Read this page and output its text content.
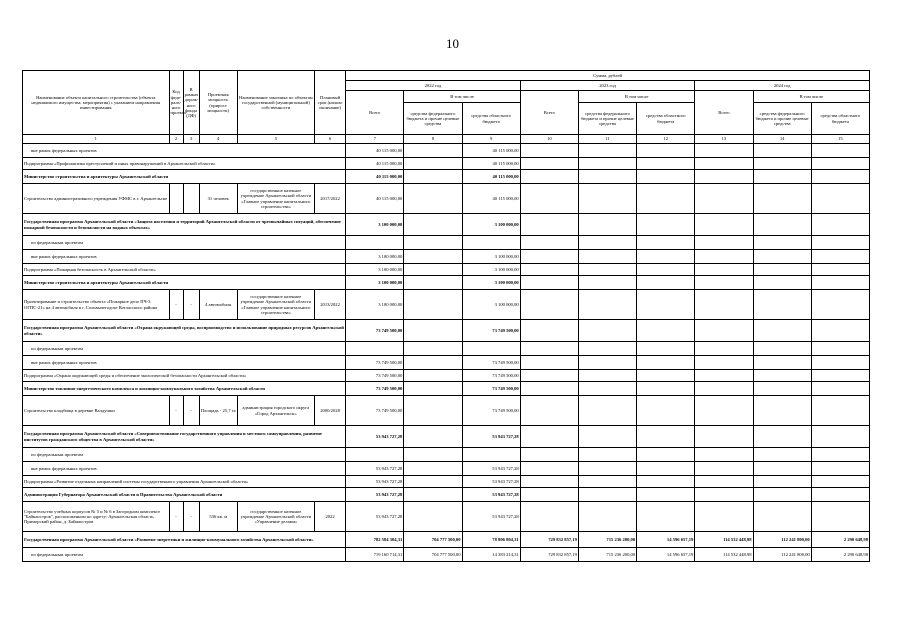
10
Наименование объекта капитального строительства (объекта недвижимого имущества, мероприятия) с указанием направления инвестирования	Код феде-раль-ного проекта	В рамках дорож-ного фонда (ДФ)	Проектная мощность (прирост мощности)	Наименование заказчика по объектам государственной (муниципальной) собственности	Плановый срок (начало окончание)	Сумма, рублей								
						2022 год			2023 год			2024 год		
						Всего	В том числе		Всего	В том числе		Всего	В том числе	
							средства федерального бюджета и прочие целевые средства	средства областного бюджета		средства федерального бюджета и прочие целевые средства	средства областного бюджета		средства федерального бюджета и прочие целевые средства	средства областного бюджета
1	2	3	4	5	6	7	8	9	10	11	12	13	14	15
вне рамок федеральных проектов						40 115 000,00		40 115 000,00						
Подпрограмма «Профилактика преступлений и иных правонарушений в Архангельской области»						40 115 000,00		40 115 000,00						
Министерство строительства и архитектуры Архангельской области						40 115 000,00		40 115 000,00						
Строительство административного учреждения УФМС в г. Архангельске			31 человек	государственное казенное учреждение Архангельской области «Главное управление капитального строительства»	2017/2022	40 115 000,00		40 115 000,00						
Государственная программа Архангельской области «Защита населения и территорий Архангельской области от чрезвычайных ситуаций, обеспечение пожарной безопасности и безопасности на водных объектах»						3 100 000,00		3 100 000,00						
по федеральным проектам														
вне рамок федеральных проектов						3 100 000,00		3 100 000,00						
Подпрограмма «Пожарная безопасность в Архангельской области»						3 100 000,00		3 100 000,00						
Министерство строительства и архитектуры Архангельской области						3 100 000,00		3 100 000,00						
Проектирование и строительство объекта «Пожарное депо ПЧ-3 ОГПС-21» на 4 автомобиля в г. Сольвычегодске Котласского района	-	-	4 автомобиля	государственное казенное учреждение Архангельской области «Главное управление капитального строительства»	2013/2022	3 100 000,00		3 100 000,00						
Государственная программа Архангельской области «Охрана окружающей среды, воспроизводство и использование природных ресурсов Архангельской области»						73 749 500,00		73 749 500,00						
по федеральным проектам														
вне рамок федеральных проектов						73 749 500,00		73 749 500,00						
Подпрограмма «Охрана окружающей среды и обеспечение экологической безопасности Архангельской области»						73 749 500,00		73 749 500,00						
Министерство топливно-энергетического комплекса и жилищно-коммунального хозяйства Архангельской области						73 749 500,00		73 749 500,00						
Строительство кладбища в деревне Валдушки	-	-	Площадь - 25,7 га	администрация городского округа «Город Архангельск»	2000/2028	73 749 500,00		73 749 500,00						
Государственная программа Архангельской области «Совершенствование государственного управления и местного самоуправления, развитие институтов гражданского общества в Архангельской области»						53 943 727,28		53 943 727,28						
по федеральным проектам														
вне рамок федеральных проектов						53 943 727,28		53 943 727,28						
Подпрограмма «Развитие отдельных направлений системы государственного управления Архангельской области»						53 943 727,28		53 943 727,28						
Администрация Губернатора Архангельской области и Правительства Архангельской области						53 943 727,28		53 943 727,28						
Строительство учебных корпусов № 5 и № 6 в Загородном комплексе "Байнаостров", расположенном по адресу: Архангельская область, Приморский район, д. Байнаостров	-	-	536 кв. м	государственное казенное учреждение Архангельской области «Управление делами»	2022	53 943 727,28		53 943 727,28						
Государственная программа Архангельской области «Развитие энергетики и жилищно-коммунального хозяйства Архангельской области»						782 584 304,31	704 777 500,00	78 806 804,31	729 832 857,19	715 236 200,00	14 596 657,19	114 532 448,98	112 241 800,00	2 290 648,98
по федеральным проектам						719 160 714,31	704 777 500,00	14 383 214,31	729 832 857,19	715 236 200,00	14 596 657,19	114 532 448,98	112 241 800,00	2 290 648,98
